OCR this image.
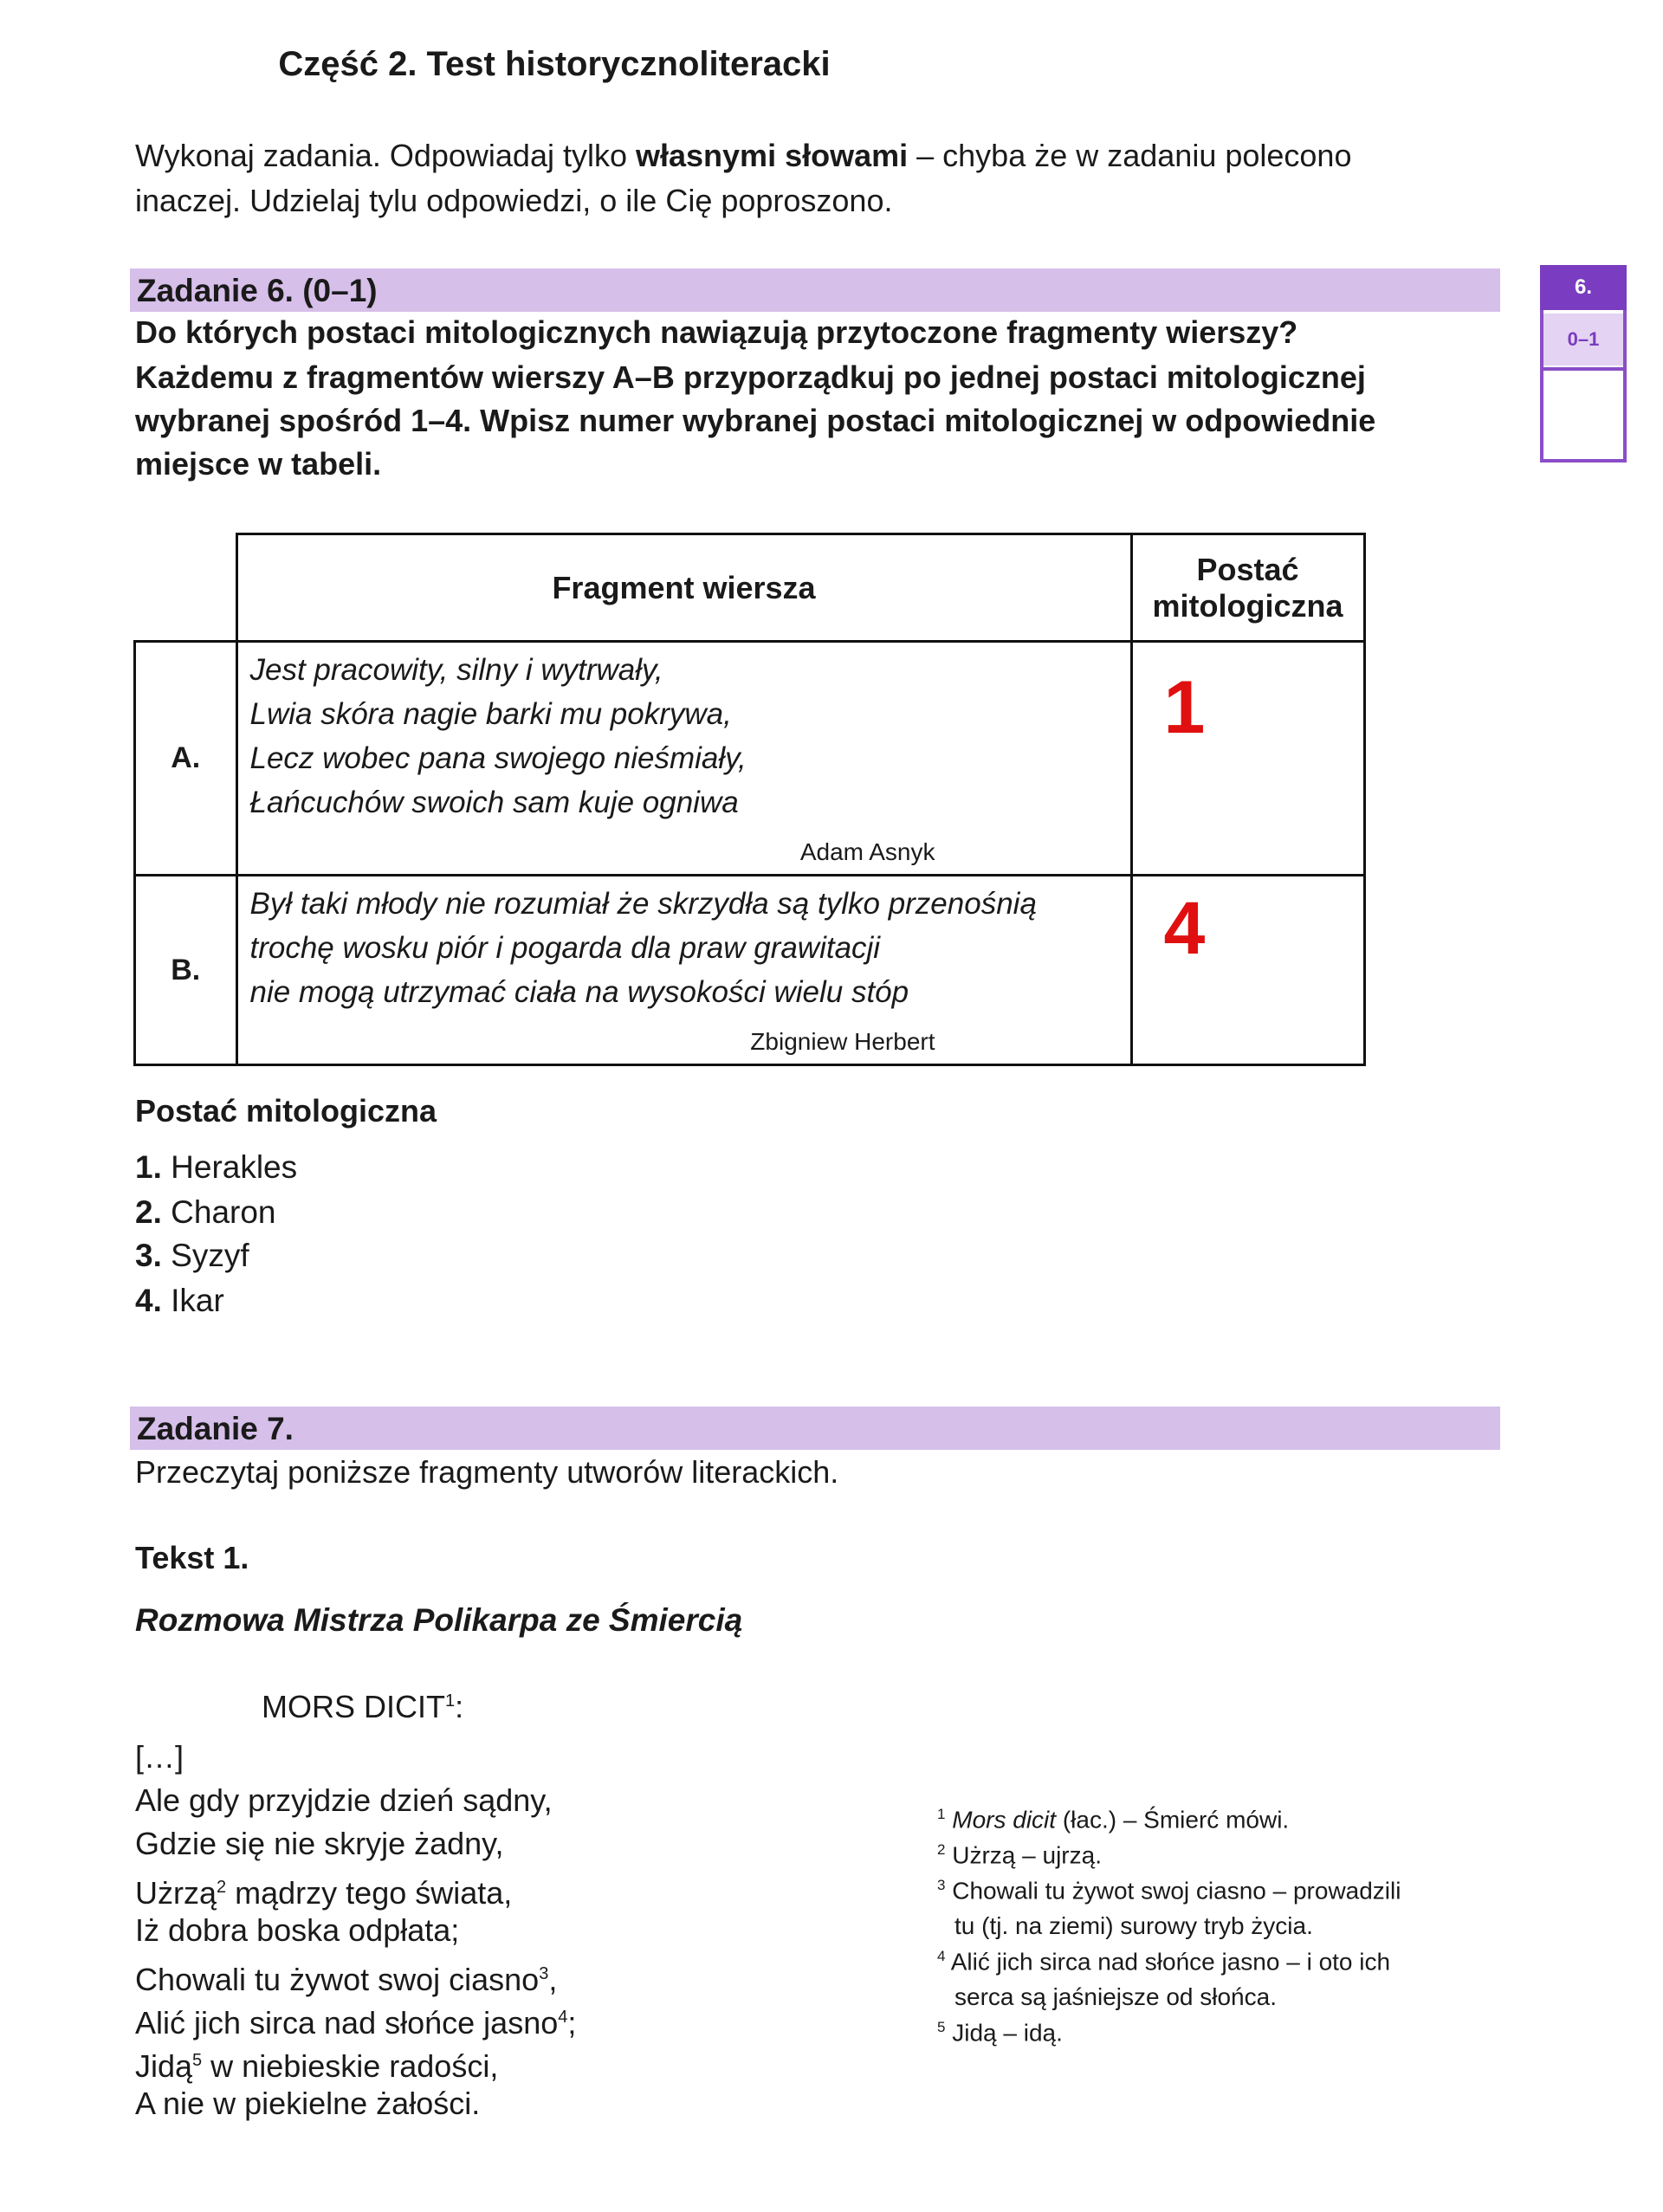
Część 2. Test historycznoliteracki
Wykonaj zadania. Odpowiadaj tylko własnymi słowami – chyba że w zadaniu polecono
inaczej. Udzielaj tylu odpowiedzi, o ile Cię poproszono.
Zadanie 6. (0–1)
Do których postaci mitologicznych nawiązują przytoczone fragmenty wierszy?
Każdemu z fragmentów wierszy A–B przyporządkuj po jednej postaci mitologicznej
wybranej spośród 1–4. Wpisz numer wybranej postaci mitologicznej w odpowiednie
miejsce w tabeli.
6.
0–1
	Fragment wiersza	Postać
mitologiczna
A.	Jest pracowity, silny i wytrwały,
Lwia skóra nagie barki mu pokrywa,
Lecz wobec pana swojego nieśmiały,
Łańcuchów swoich sam kuje ogniwa
Adam Asnyk	1
B.	Był taki młody nie rozumiał że skrzydła są tylko przenośnią
trochę wosku piór i pogarda dla praw grawitacji
nie mogą utrzymać ciała na wysokości wielu stóp
Zbigniew Herbert	4
Postać mitologiczna
1. Herakles
2. Charon
3. Syzyf
4. Ikar
Zadanie 7.
Przeczytaj poniższe fragmenty utworów literackich.
Tekst 1.
Rozmowa Mistrza Polikarpa ze Śmiercią
MORS DICIT$^1$:
[…]
Ale gdy przyjdzie dzień sądny,
Gdzie się nie skryje żadny,
Użrzą$^2$ mądrzy tego świata,
Iż dobra boska odpłata;
Chowali tu żywot swoj ciasno$^3$,
Alić jich sirca nad słońce jasno$^4$;
Jidą$^5$ w niebieskie radości,
A nie w piekielne żałości.
$^1$ Mors dicit (łac.) – Śmierć mówi.
$^2$ Użrzą – ujrzą.
$^3$ Chowali tu żywot swoj ciasno – prowadzili
tu (tj. na ziemi) surowy tryb życia.
$^4$ Alić jich sirca nad słońce jasno – i oto ich
serca są jaśniejsze od słońca.
$^5$ Jidą – idą.
